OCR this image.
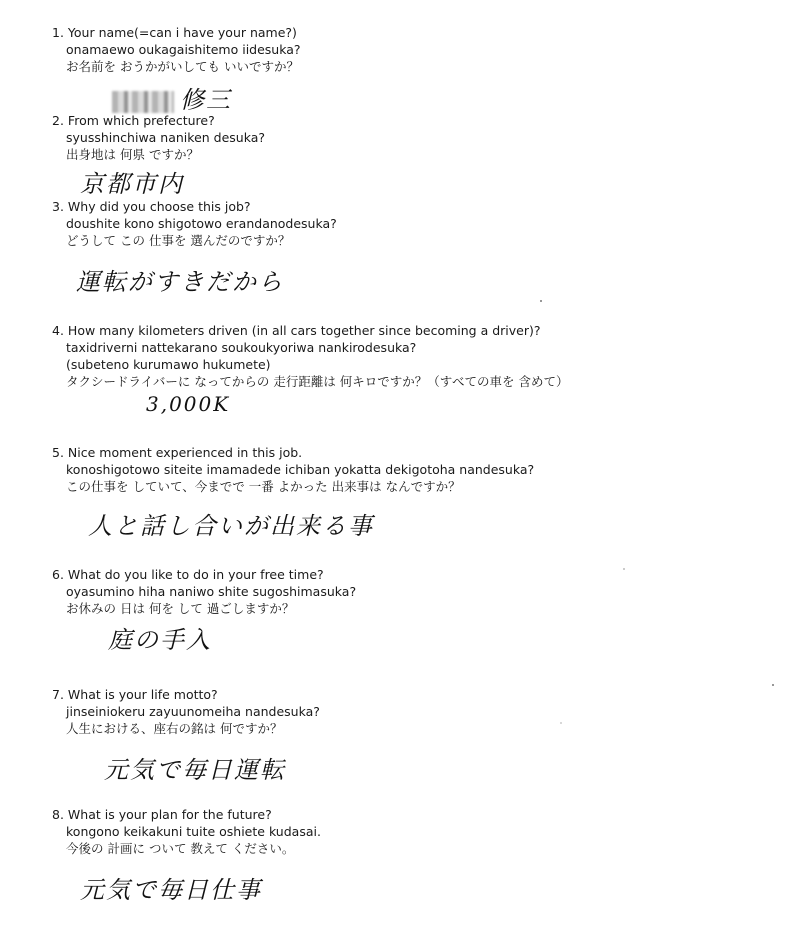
1. Your name(=can i have your name?)
onamaewo oukagaishitemo iidesuka?
お名前を おうかがいしても いいですか？
修三
2. From which prefecture?
syusshinchiwa naniken desuka?
出身地は 何県 ですか？
京都市内
3. Why did you choose this job?
doushite kono shigotowo erandanodesuka?
どうして この 仕事を 選んだのですか？
運転がすきだから
4. How many kilometers driven (in all cars together since becoming a driver)?
taxidriverni nattekarano soukoukyoriwa nankirodesuka?
(subeteno kurumawo hukumete)
タクシードライバーに なってからの 走行距離は 何キロですか？（すべての車を 含めて）
3,000K
5. Nice moment experienced in this job.
konoshigotowo siteite imamadede ichiban yokatta dekigotoha nandesuka?
この仕事を していて、今までで 一番 よかった 出来事は なんですか？
人と話し合いが出来る事
6. What do you like to do in your free time?
oyasumino hiha naniwo shite sugoshimasuka?
お休みの 日は 何を して 過ごしますか？
庭の手入
7. What is your life motto?
jinseiniokeru zayuunomeiha nandesuka?
人生における、座右の銘は 何ですか？
元気で毎日運転
8. What is your plan for the future?
kongono keikakuni tuite oshiete kudasai.
今後の 計画に ついて 教えて ください。
元気で毎日仕事
